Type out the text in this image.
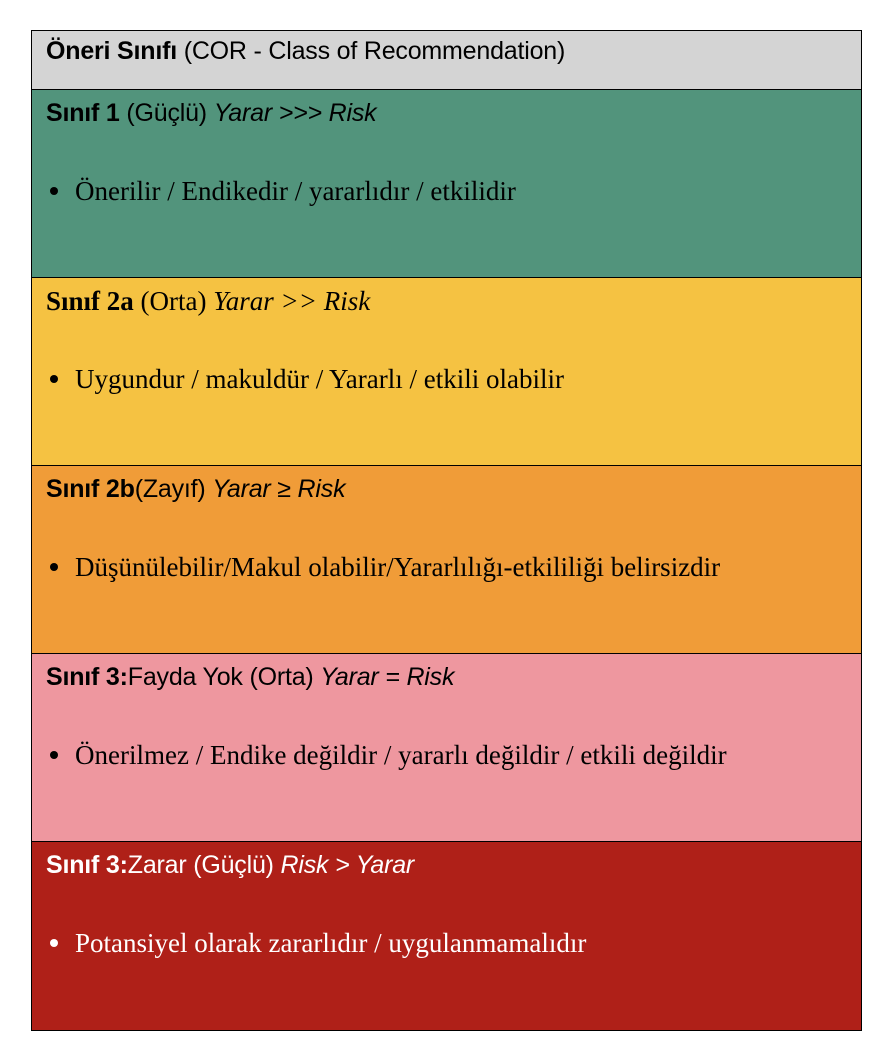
Öneri Sınıfı (COR - Class of Recommendation)
Sınıf 1 (Güçlü) Yarar >>> Risk
Önerilir / Endikedir / yararlıdır / etkilidir
Sınıf 2a (Orta) Yarar >> Risk
Uygundur / makuldür / Yararlı / etkili olabilir
Sınıf 2b(Zayıf) Yarar ≥ Risk
Düşünülebilir/Makul olabilir/Yararlılığı-etkililiği belirsizdir
Sınıf 3:Fayda Yok (Orta) Yarar = Risk
Önerilmez / Endike değildir / yararlı değildir / etkili değildir
Sınıf 3:Zarar (Güçlü) Risk > Yarar
Potansiyel olarak zararlıdır / uygulanmamalıdır
